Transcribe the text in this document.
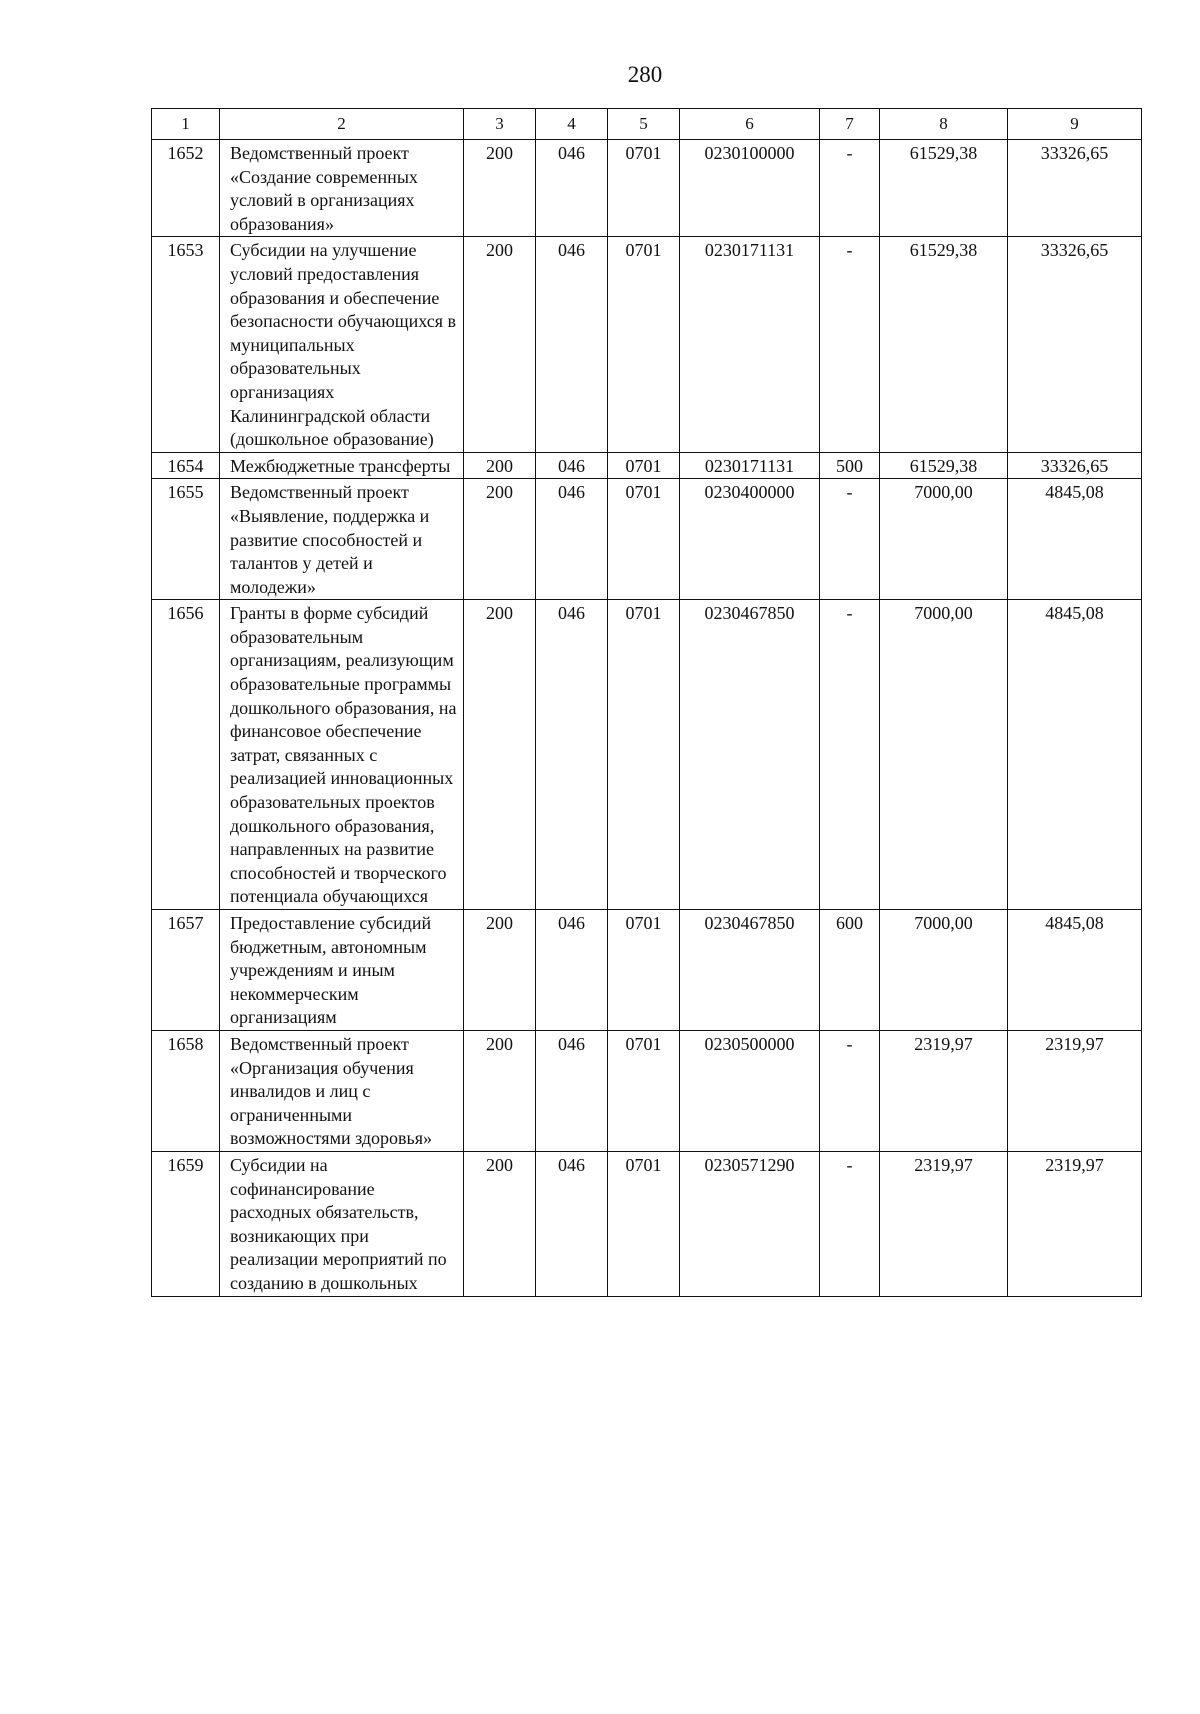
280
1	2	3	4	5	6	7	8	9
1652	Ведомственный проект «Создание современных условий в организациях образования»	200	046	0701	0230100000	-	61529,38	33326,65
1653	Субсидии на улучшение условий предоставления образования и обеспечение безопасности обучающихся в муниципальных образовательных организациях Калининградской области (дошкольное образование)	200	046	0701	0230171131	-	61529,38	33326,65
1654	Межбюджетные трансферты	200	046	0701	0230171131	500	61529,38	33326,65
1655	Ведомственный проект «Выявление, поддержка и развитие способностей и талантов у детей и молодежи»	200	046	0701	0230400000	-	7000,00	4845,08
1656	Гранты в форме субсидий образовательным организациям, реализующим образовательные программы дошкольного образования, на финансовое обеспечение затрат, связанных с реализацией инновационных образовательных проектов дошкольного образования, направленных на развитие способностей и творческого потенциала обучающихся	200	046	0701	0230467850	-	7000,00	4845,08
1657	Предоставление субсидий бюджетным, автономным учреждениям и иным некоммерческим организациям	200	046	0701	0230467850	600	7000,00	4845,08
1658	Ведомственный проект «Организация обучения инвалидов и лиц с ограниченными возможностями здоровья»	200	046	0701	0230500000	-	2319,97	2319,97
1659	Субсидии на софинансирование расходных обязательств, возникающих при реализации мероприятий по созданию в дошкольных	200	046	0701	0230571290	-	2319,97	2319,97
